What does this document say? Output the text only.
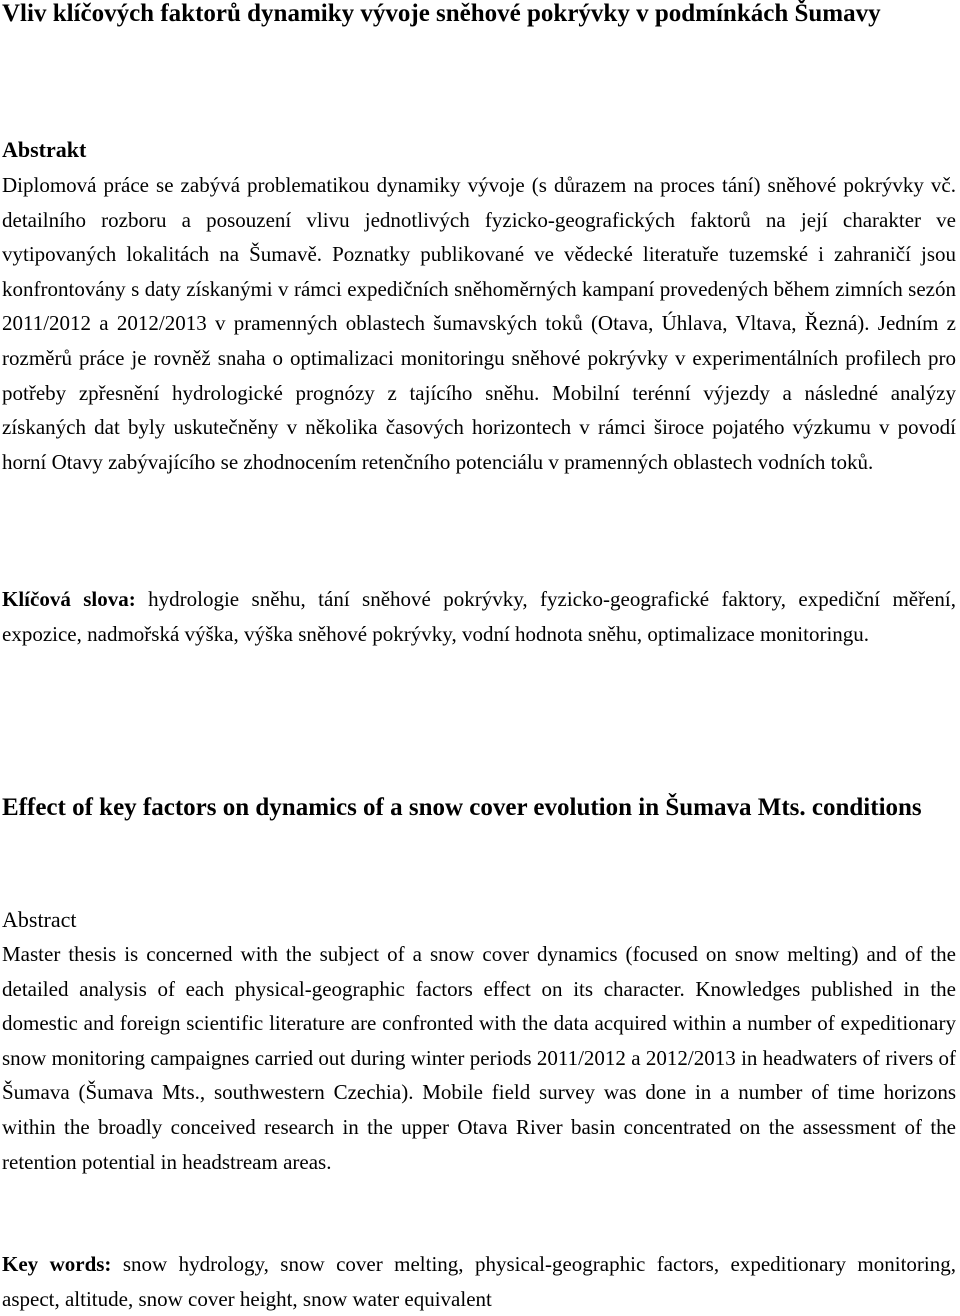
Vliv klíčových faktorů dynamiky vývoje sněhové pokrývky v podmínkách Šumavy
Abstrakt

Diplomová práce se zabývá problematikou dynamiky vývoje (s důrazem na proces tání) sněhové pokrývky vč. detailního rozboru a posouzení vlivu jednotlivých fyzicko-geografických faktorů na její charakter ve vytipovaných lokalitách na Šumavě. Poznatky publikované ve vědecké literatuře tuzemské i zahraničí jsou konfrontovány s daty získanými v rámci expedičních sněhoměrných kampaní provedených během zimních sezón 2011/2012 a 2012/2013 v pramenných oblastech šumavských toků (Otava, Úhlava, Vltava, Řezná). Jedním z rozměrů práce je rovněž snaha o optimalizaci monitoringu sněhové pokrývky v experimentálních profilech pro potřeby zpřesnění hydrologické prognózy z tajícího sněhu. Mobilní terénní výjezdy a následné analýzy získaných dat byly uskutečněny v několika časových horizontech v rámci široce pojatého výzkumu v povodí horní Otavy zabývajícího se zhodnocením retenčního potenciálu v pramenných oblastech vodních toků.

Klíčová slova: hydrologie sněhu, tání sněhové pokrývky, fyzicko-geografické faktory, expediční měření, expozice, nadmořská výška, výška sněhové pokrývky, vodní hodnota sněhu, optimalizace monitoringu.

Effect of key factors on dynamics of a snow cover evolution in Šumava Mts. conditions
Abstract

Master thesis is concerned with the subject of a snow cover dynamics (focused on snow melting) and of the detailed analysis of each physical-geographic factors effect on its character. Knowledges published in the domestic and foreign scientific literature are confronted with the data acquired within a number of expeditionary snow monitoring campaignes carried out during winter periods 2011/2012 a 2012/2013 in headwaters of rivers of Šumava (Šumava Mts., southwestern Czechia). Mobile field survey was done in a number of time horizons within the broadly conceived research in the upper Otava River basin concentrated on the assessment of the retention potential in headstream areas.

Key words: snow hydrology, snow cover melting, physical-geographic factors, expeditionary monitoring, aspect, altitude, snow cover height, snow water equivalent
